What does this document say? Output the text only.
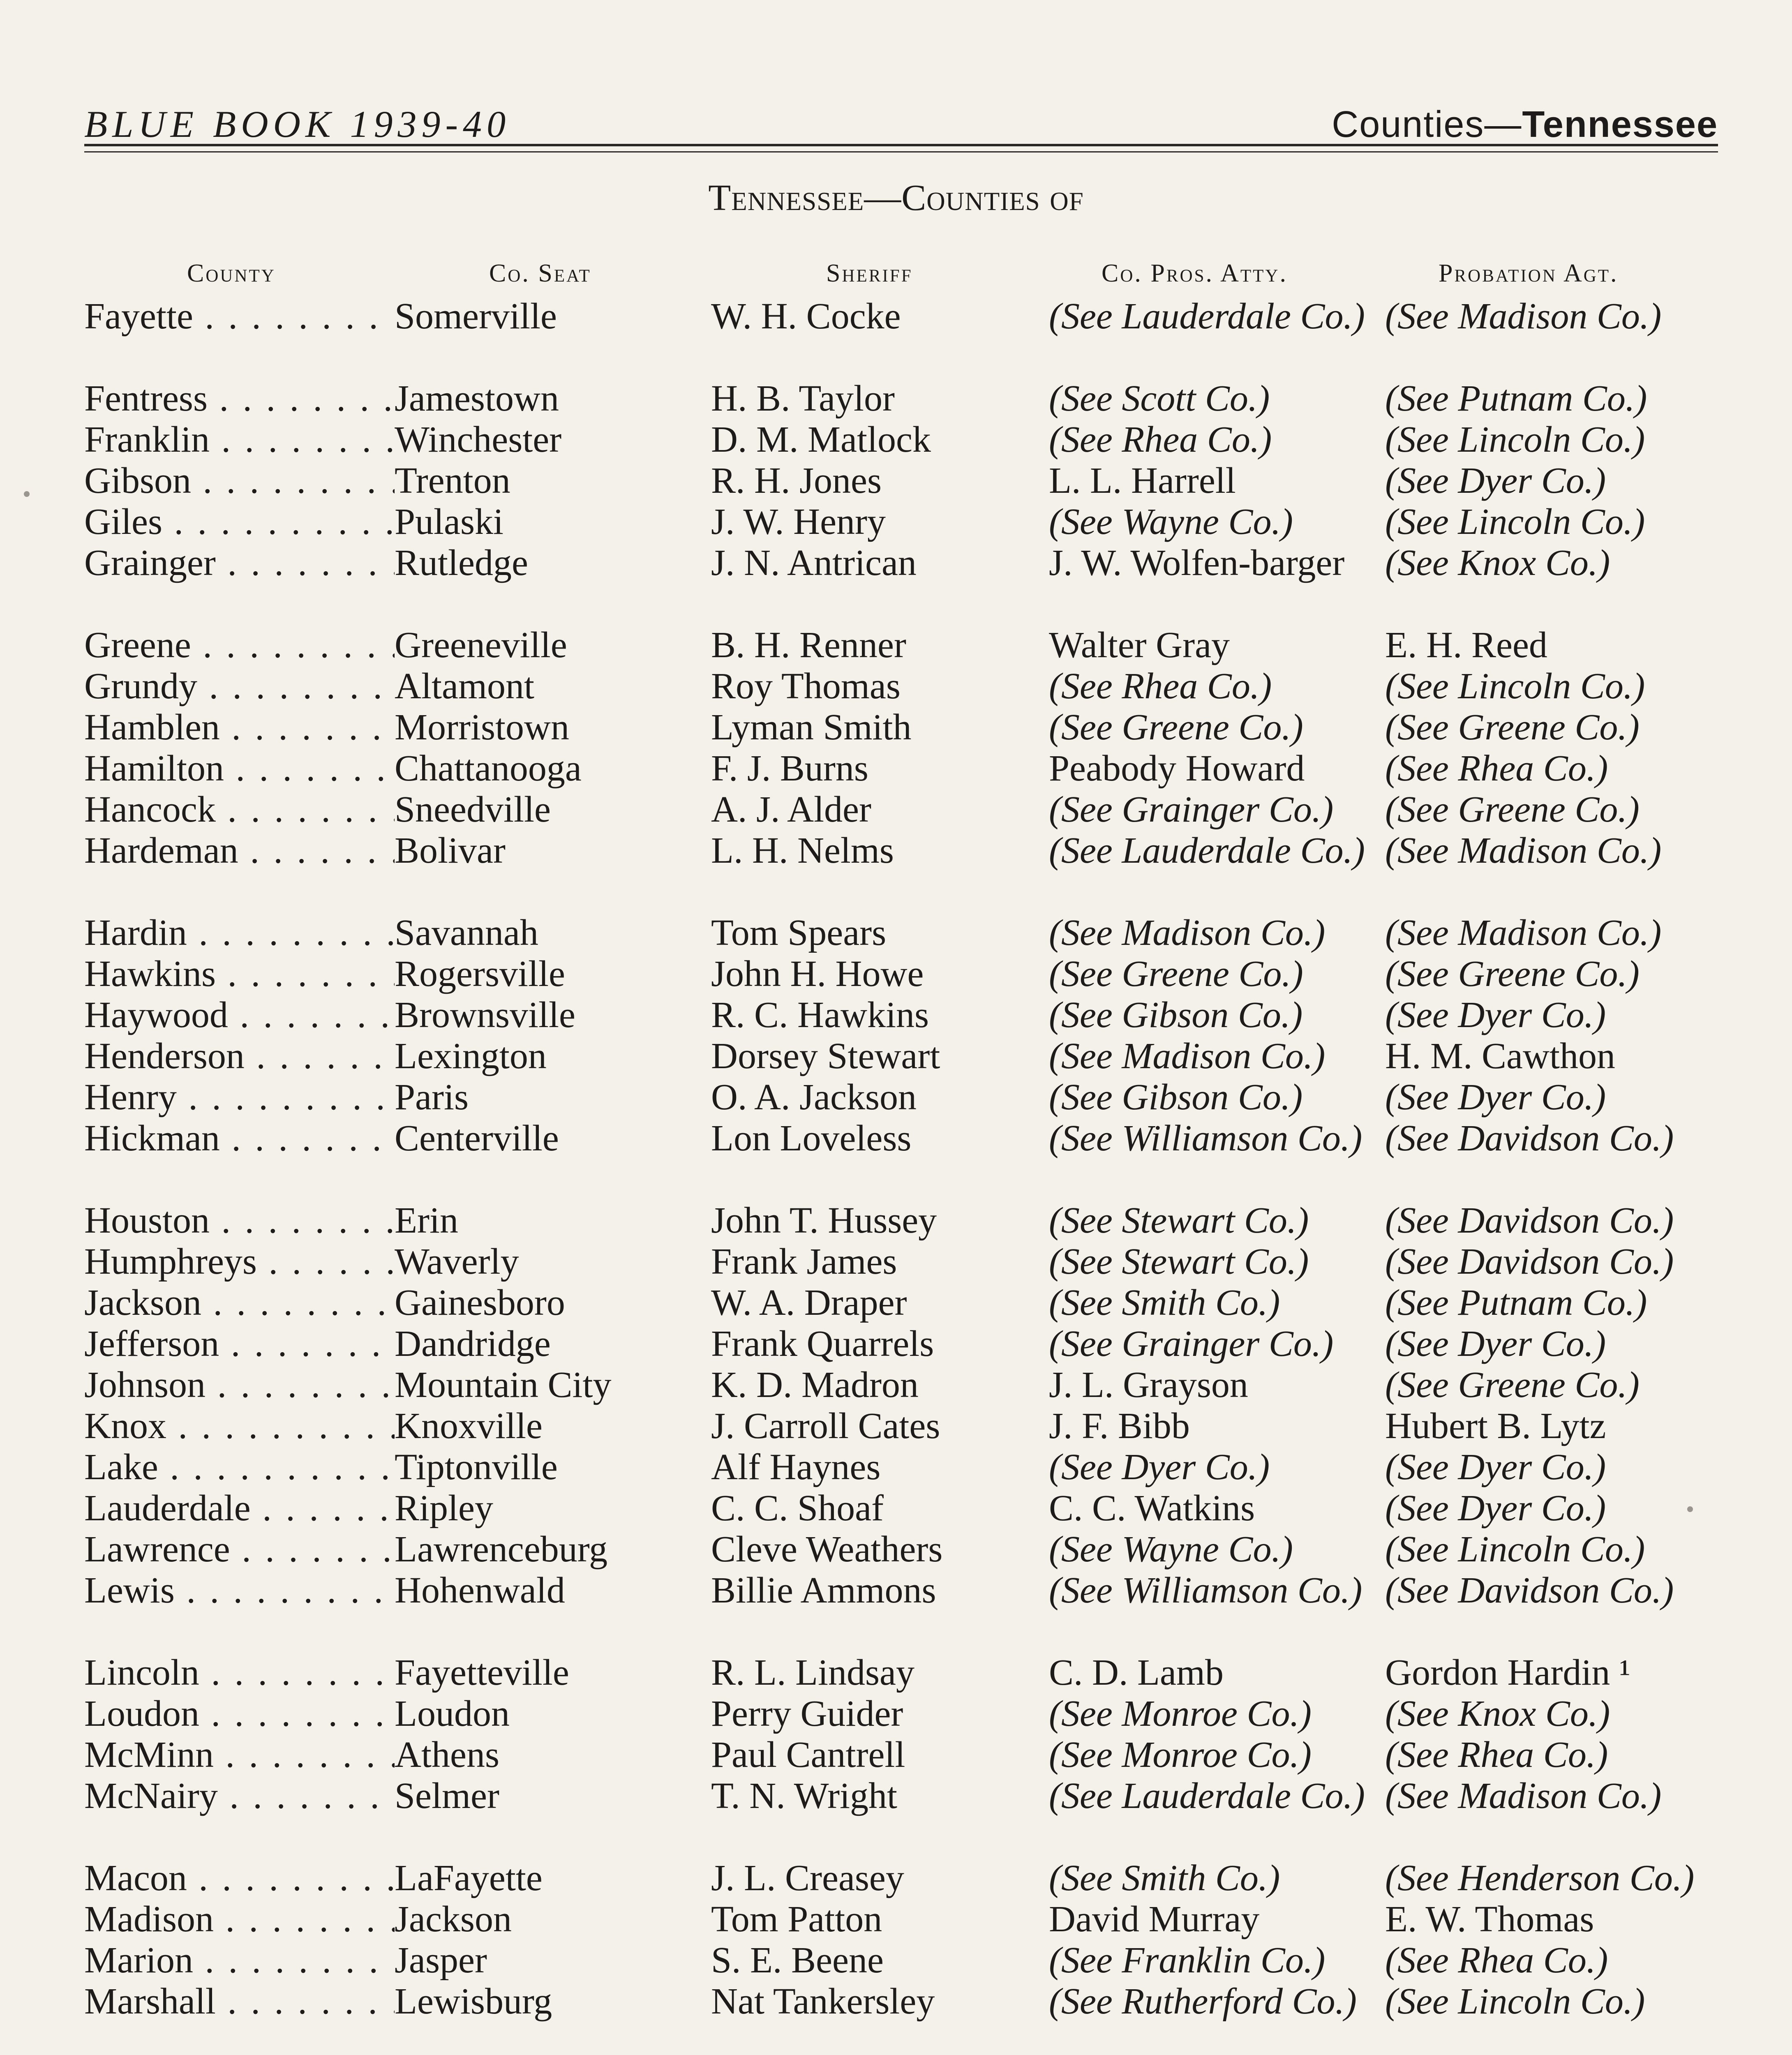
BLUE BOOK 1939-40	Counties—Tennessee
Tennessee—Counties of
County	Co. Seat	Sheriff	Co. Pros. Atty.	Probation Agt.
Fayette . . .	Somerville	W. H. Cocke	(See Lauderdale Co.) (See Madison Co.)
Fentress . . .	Jamestown	H. B. Taylor	(See Scott Co.)	(See Putnam Co.)
Franklin . . .	Winchester	D. M. Matlock	(See Rhea Co.)	(See Lincoln Co.)
Gibson . . .	Trenton	R. H. Jones	L. L. Harrell	(See Dyer Co.)
Giles . . .	Pulaski	J. W. Henry	(See Wayne Co.)	(See Lincoln Co.)
Grainger . . .	Rutledge	J. N. Antrican	J. W. Wolfen-barger	(See Knox Co.)
Greene . . .	Greeneville	B. H. Renner	Walter Gray	E. H. Reed
Grundy . . .	Altamont	Roy Thomas	(See Rhea Co.)	(See Lincoln Co.)
Hamblen . . .	Morristown	Lyman Smith	(See Greene Co.)	(See Greene Co.)
Hamilton . . .	Chattanooga	F. J. Burns	Peabody Howard	(See Rhea Co.)
Hancock . . .	Sneedville	A. J. Alder	(See Grainger Co.)	(See Greene Co.)
Hardeman . . .	Bolivar	L. H. Nelms	(See Lauderdale Co.) (See Madison Co.)
Hardin . . .	Savannah	Tom Spears	(See Madison Co.)	(See Madison Co.)
Hawkins . . .	Rogersville	John H. Howe	(See Greene Co.)	(See Greene Co.)
Haywood . . .	Brownsville	R. C. Hawkins	(See Gibson Co.)	(See Dyer Co.)
Henderson . . .	Lexington	Dorsey Stewart	(See Madison Co.)	H. M. Cawthon
Henry . . .	Paris	O. A. Jackson	(See Gibson Co.)	(See Dyer Co.)
Hickman . . .	Centerville	Lon Loveless	(See Williamson Co.) (See Davidson Co.)
Houston . . .	Erin	John T. Hussey	(See Stewart Co.)	(See Davidson Co.)
Humphreys . . .	Waverly	Frank James	(See Stewart Co.)	(See Davidson Co.)
Jackson . . .	Gainesboro	W. A. Draper	(See Smith Co.)	(See Putnam Co.)
Jefferson . . .	Dandridge	Frank Quarrels	(See Grainger Co.)	(See Dyer Co.)
Johnson . . .	Mountain City	K. D. Madron	J. L. Grayson	(See Greene Co.)
Knox . . .	Knoxville	J. Carroll Cates	J. F. Bibb	Hubert B. Lytz
Lake . . .	Tiptonville	Alf Haynes	(See Dyer Co.)	(See Dyer Co.)
Lauderdale . . .	Ripley	C. C. Shoaf	C. C. Watkins	(See Dyer Co.)
Lawrence . . .	Lawrenceburg	Cleve Weathers	(See Wayne Co.)	(See Lincoln Co.)
Lewis . . .	Hohenwald	Billie Ammons	(See Williamson Co.) (See Davidson Co.)
Lincoln . . .	Fayetteville	R. L. Lindsay	C. D. Lamb	Gordon Hardin ¹
Loudon . . .	Loudon	Perry Guider	(See Monroe Co.)	(See Knox Co.)
McMinn . . .	Athens	Paul Cantrell	(See Monroe Co.)	(See Rhea Co.)
McNairy . . .	Selmer	T. N. Wright	(See Lauderdale Co.) (See Madison Co.)
Macon . . .	LaFayette	J. L. Creasey	(See Smith Co.)	(See Henderson Co.)
Madison . . .	Jackson	Tom Patton	David Murray	E. W. Thomas
Marion . . .	Jasper	S. E. Beene	(See Franklin Co.)	(See Rhea Co.)
Marshall . . .	Lewisburg	Nat Tankersley	(See Rutherford Co.) (See Lincoln Co.)
